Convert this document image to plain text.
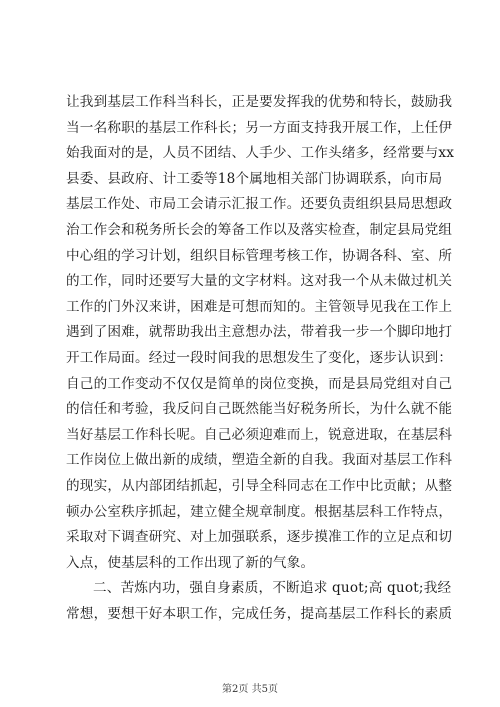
让我到基层工作科当科长，正是要发挥我的优势和特长，鼓励我
当一名称职的基层工作科长；另一方面支持我开展工作，上任伊
始我面对的是，人员不团结、人手少、工作头绪多，经常要与xx
县委、县政府、计工委等18个属地相关部门协调联系，向市局
基层工作处、市局工会请示汇报工作。还要负责组织县局思想政
治工作会和税务所长会的筹备工作以及落实检查，制定县局党组
中心组的学习计划，组织目标管理考核工作，协调各科、室、所
的工作，同时还要写大量的文字材料。这对我一个从未做过机关
工作的门外汉来讲，困难是可想而知的。主管领导见我在工作上
遇到了困难，就帮助我出主意想办法，带着我一步一个脚印地打
开工作局面。经过一段时间我的思想发生了变化，逐步认识到：
自己的工作变动不仅仅是简单的岗位变换，而是县局党组对自己
的信任和考验，我反问自己既然能当好税务所长，为什么就不能
当好基层工作科长呢。自己必须迎难而上，锐意进取，在基层科
工作岗位上做出新的成绩，塑造全新的自我。我面对基层工作科
的现实，从内部团结抓起，引导全科同志在工作中比贡献；从整
顿办公室秩序抓起，建立健全规章制度。根据基层科工作特点，
采取对下调查研究、对上加强联系，逐步摸准工作的立足点和切
入点，使基层科的工作出现了新的气象。
二、苦炼内功，强自身素质，不断追求 quot;高 quot;我经
常想，要想干好本职工作，完成任务，提高基层工作科长的素质
第2页 共5页
